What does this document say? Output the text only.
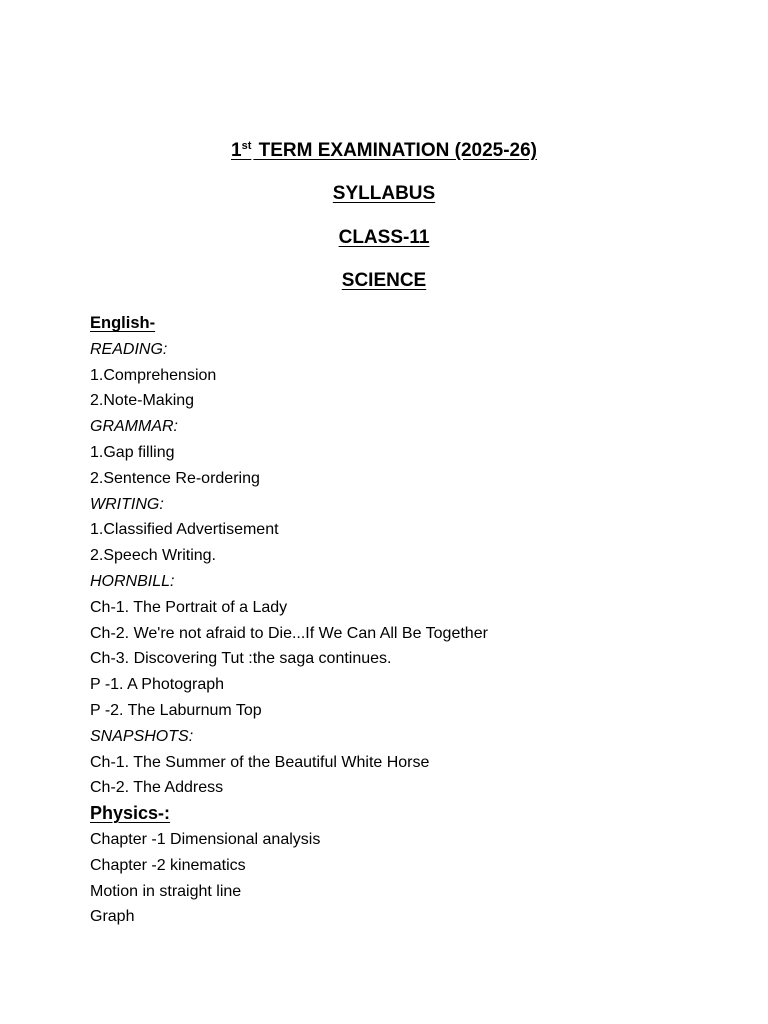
1st TERM EXAMINATION (2025-26)
SYLLABUS
CLASS-11
SCIENCE
English-
READING:
1.Comprehension
2.Note-Making
GRAMMAR:
1.Gap filling
2.Sentence Re-ordering
WRITING:
1.Classified Advertisement
2.Speech Writing.
HORNBILL:
Ch-1. The Portrait of a Lady
Ch-2. We're not afraid to Die...If We Can All Be Together
Ch-3. Discovering Tut :the saga continues.
P -1. A Photograph
P -2. The Laburnum Top
SNAPSHOTS:
Ch-1. The Summer of the Beautiful White Horse
Ch-2. The Address
Physics-:
Chapter -1 Dimensional analysis
Chapter -2 kinematics
Motion in straight line
Graph
